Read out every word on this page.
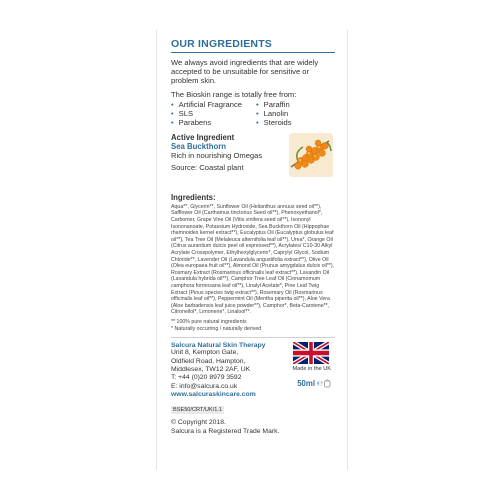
OUR INGREDIENTS

We always avoid ingredients that are widely accepted to be unsuitable for sensitive or problem skin.

The Bioskin range is totally free from:

• Artificial Fragrance	• Paraffin
• SLS	• Lanolin
• Parabens	• Steroids
Active Ingredient
Sea Buckthorn
Rich in nourishing Omegas
Source: Coastal plant
Ingredients:

Aqua**, Glycerin**, Sunflower Oil (Helianthus annuus seed oil**), Safflower Oil (Carthamus tinctorius Seed oil**), Phenoxyethanol*, Carbomer, Grape Vine Oil (Vitis vinifera seed oil**), Isononyl Isononanoate, Potassium Hydroxide, Sea Buckthorn Oil (Hippophae rhamnoides kernel extract**), Eucalyptus Oil (Eucalyptus globulus leaf oil**), Tea Tree Oil (Melaleuca alternifolia leaf oil**), Urea*, Orange Oil (Citrus aurantium dulcis peel oil expressed**), Acrylates/ C10-30 Alkyl Acrylate Crosspolymer, Ethylhexylglycerin*, Caprylyl Glycol, Sodium Chloride**, Lavender Oil (Lavandula angustifolia extract**), Olive Oil (Olea europaea fruit oil**), Almond Oil (Prunus amygdalus dulcis oil**), Rosmary Extract (Rosmarinus officinalis leaf extract**), Lavandin Oil (Lavandula hybrida oil**), Camphor Tree Leaf Oil (Cinnamomum camphora formosana leaf oil**), Linalyl Acetate*, Pine Leaf Twig Extract (Pinus species twig extract**), Rosemary Oil (Rosmarinus officinalis leaf oil**), Peppermint Oil (Mentha piperita oil**), Aloe Vera (Aloe barbadensis leaf juice powder**), Camphor*, Beta-Carotene**, Citronellol*, Limonene*, Linalool**.

** 100% pure natural ingredients

* Naturally occurring / naturally derived

Salcura Natural Skin Therapy
Unit 8, Kempton Gate,
Oldfield Road, Hampton,
Middlesex, TW12 2AF, UK
T: +44 (0)20 8979 3592
E: info@salcura.co.uk
www.salcuraskincare.com
BSE50/CRT/UK/1.1
Made in the UK
50ml ℮
© Copyright 2018.
Salcura is a Registered Trade Mark.
